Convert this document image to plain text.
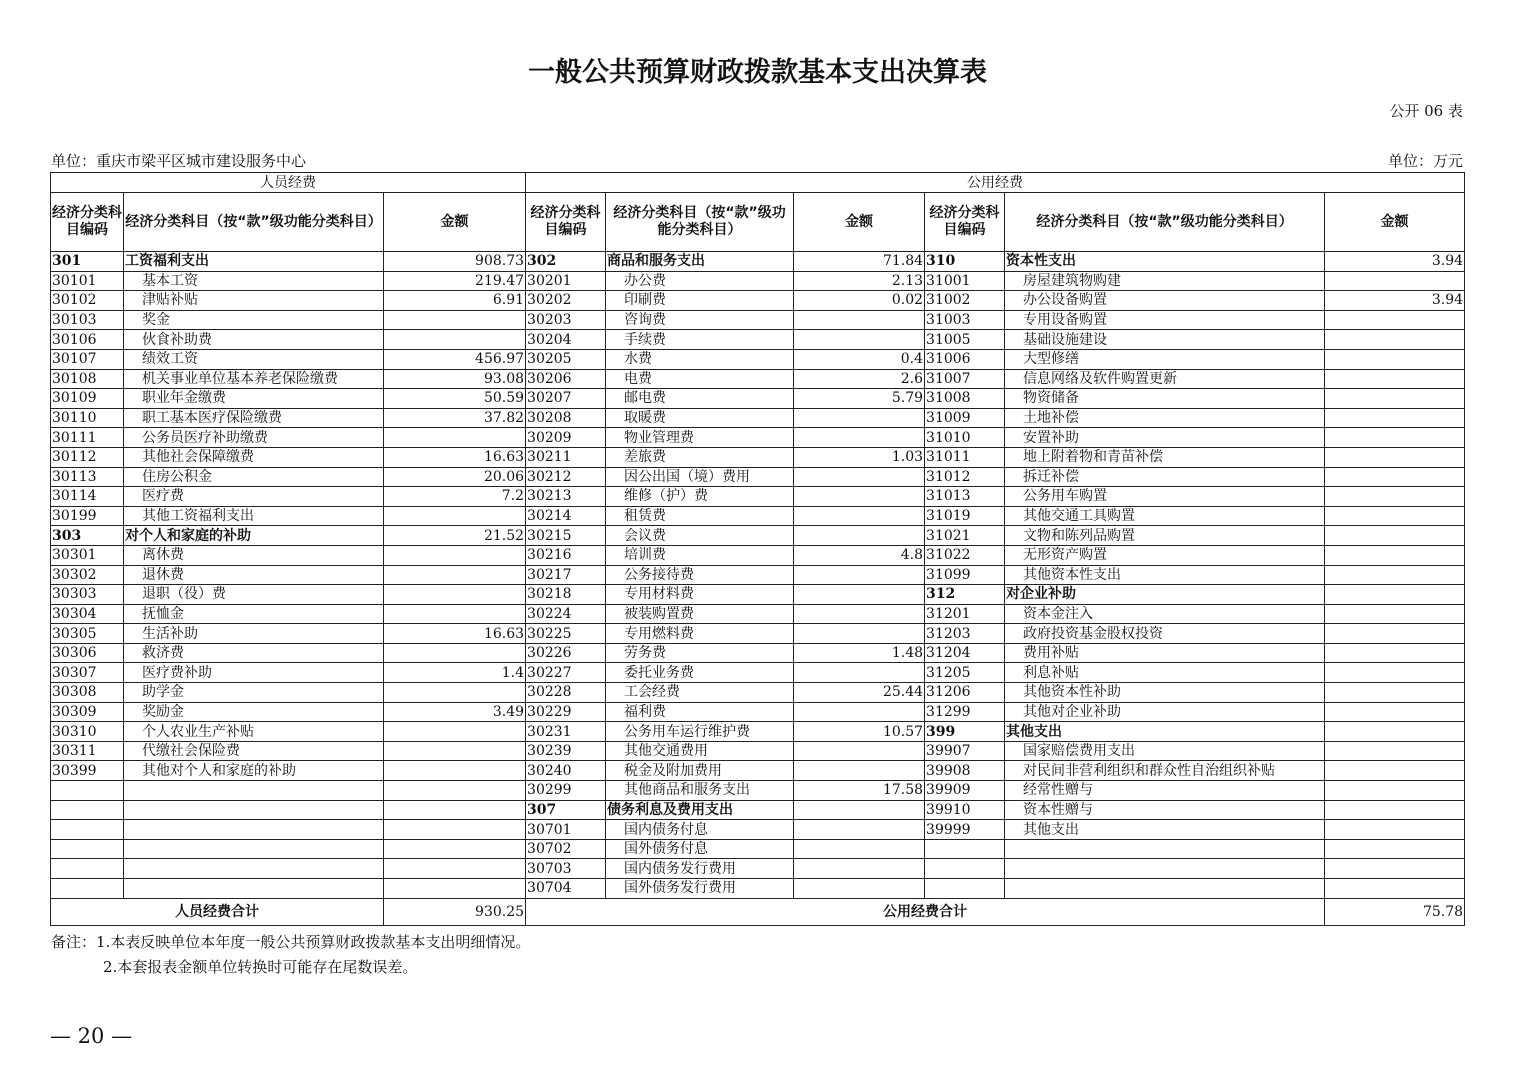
一般公共预算财政拨款基本支出决算表
公开 06 表
单位：重庆市梁平区城市建设服务中心	单位：万元
人员经费			公用经费					
经济分类科目编码	经济分类科目（按“款”级功能分类科目）	金额	经济分类科目编码	经济分类科目（按“款”级功能分类科目）	金额	经济分类科目编码	经济分类科目（按“款”级功能分类科目）	金额
301	工资福利支出	908.73	302	商品和服务支出	71.84	310	资本性支出	3.94
30101	基本工资	219.47	30201	办公费	2.13	31001	房屋建筑物购建	
30102	津贴补贴	6.91	30202	印刷费	0.02	31002	办公设备购置	3.94
30103	奖金		30203	咨询费		31003	专用设备购置	
30106	伙食补助费		30204	手续费		31005	基础设施建设	
30107	绩效工资	456.97	30205	水费	0.4	31006	大型修缮	
30108	机关事业单位基本养老保险缴费	93.08	30206	电费	2.6	31007	信息网络及软件购置更新	
30109	职业年金缴费	50.59	30207	邮电费	5.79	31008	物资储备	
30110	职工基本医疗保险缴费	37.82	30208	取暖费		31009	土地补偿	
30111	公务员医疗补助缴费		30209	物业管理费		31010	安置补助	
30112	其他社会保障缴费	16.63	30211	差旅费	1.03	31011	地上附着物和青苗补偿	
30113	住房公积金	20.06	30212	因公出国（境）费用		31012	拆迁补偿	
30114	医疗费	7.2	30213	维修（护）费		31013	公务用车购置	
30199	其他工资福利支出		30214	租赁费		31019	其他交通工具购置	
303	对个人和家庭的补助	21.52	30215	会议费		31021	文物和陈列品购置	
30301	离休费		30216	培训费	4.8	31022	无形资产购置	
30302	退休费		30217	公务接待费		31099	其他资本性支出	
30303	退职（役）费		30218	专用材料费		312	对企业补助	
30304	抚恤金		30224	被装购置费		31201	资本金注入	
30305	生活补助	16.63	30225	专用燃料费		31203	政府投资基金股权投资	
30306	救济费		30226	劳务费	1.48	31204	费用补贴	
30307	医疗费补助	1.4	30227	委托业务费		31205	利息补贴	
30308	助学金		30228	工会经费	25.44	31206	其他资本性补助	
30309	奖励金	3.49	30229	福利费		31299	其他对企业补助	
30310	个人农业生产补贴		30231	公务用车运行维护费	10.57	399	其他支出	
30311	代缴社会保险费		30239	其他交通费用		39907	国家赔偿费用支出	
30399	其他对个人和家庭的补助		30240	税金及附加费用		39908	对民间非营利组织和群众性自治组织补贴	
			30299	其他商品和服务支出	17.58	39909	经常性赠与	
			307	债务利息及费用支出		39910	资本性赠与	
			30701	国内债务付息		39999	其他支出	
			30702	国外债务付息				
			30703	国内债务发行费用				
			30704	国外债务发行费用				
人员经费合计		930.25	公用经费合计					75.78
备注：1.本表反映单位本年度一般公共预算财政拨款基本支出明细情况。
2.本套报表金额单位转换时可能存在尾数误差。
— 20 —
